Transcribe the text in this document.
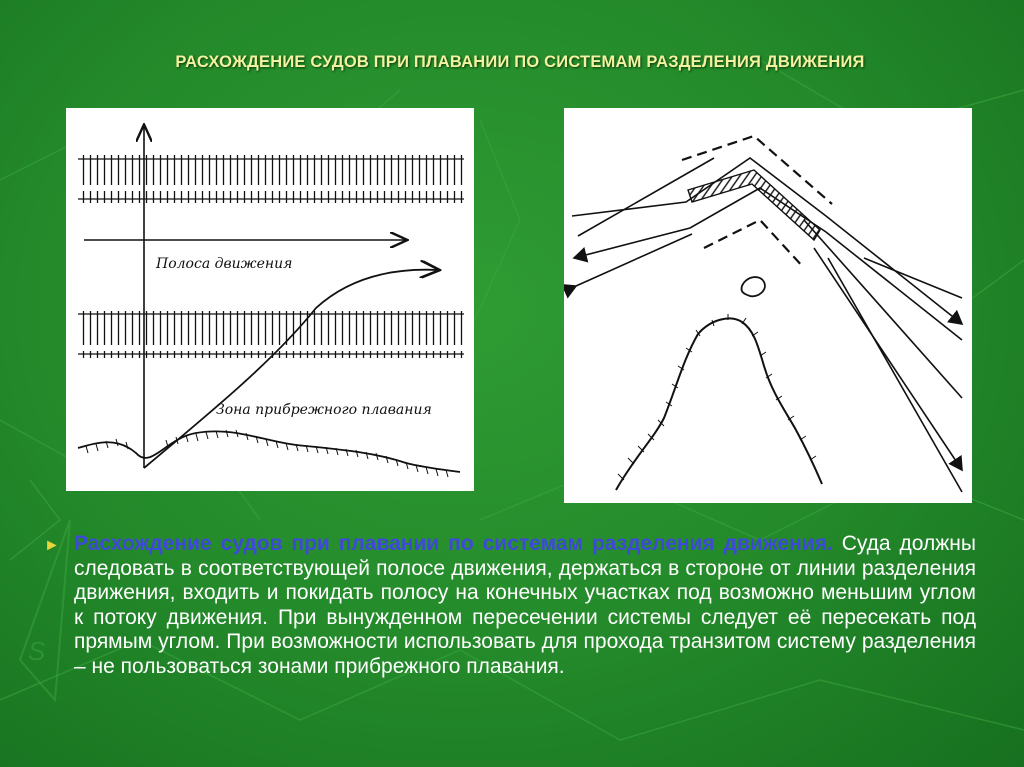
S
РАСХОЖДЕНИЕ СУДОВ ПРИ ПЛАВАНИИ ПО СИСТЕМАМ РАЗДЕЛЕНИЯ ДВИЖЕНИЯ
Полоса движения
Зона прибрежного плавания
► Расхождение судов при плавании по системам разделения движения. Суда должны следовать в соответствующей полосе движения, держаться в стороне от линии разделения движения, входить и покидать полосу на конечных участках под возможно меньшим углом к потоку движения. При вынужденном пересечении системы следует её пересекать под прямым углом. При возможности использовать для прохода транзитом систему разделения – не пользоваться зонами прибрежного плавания.
